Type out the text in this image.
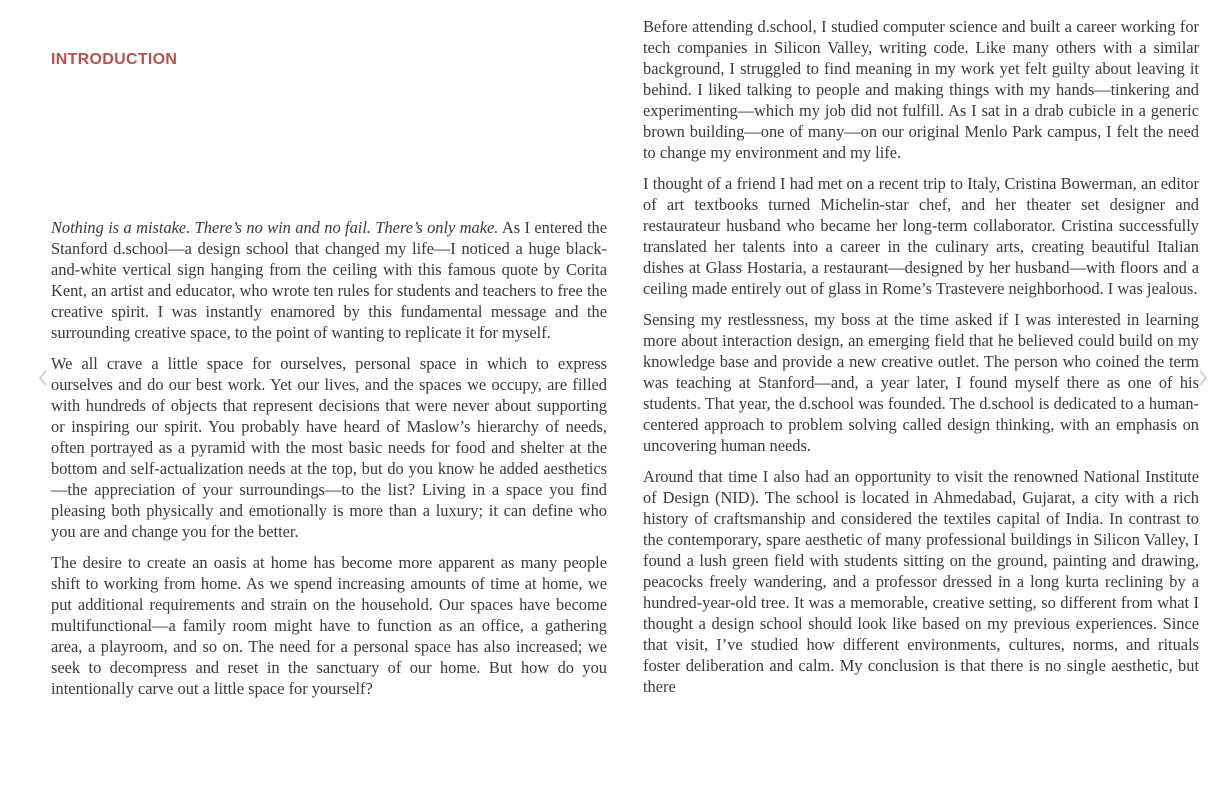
INTRODUCTION

Nothing is a mistake. There’s no win and no fail. There’s only make. As I entered the Stanford d.school—a design school that changed my life—I noticed a huge black-and-white vertical sign hanging from the ceiling with this famous quote by Corita Kent, an artist and educator, who wrote ten rules for students and teachers to free the creative spirit. I was instantly enamored by this fundamental message and the surrounding creative space, to the point of wanting to replicate it for myself.

We all crave a little space for ourselves, personal space in which to express ourselves and do our best work. Yet our lives, and the spaces we occupy, are filled with hundreds of objects that represent decisions that were never about supporting or inspiring our spirit. You probably have heard of Maslow’s hierarchy of needs, often portrayed as a pyramid with the most basic needs for food and shelter at the bottom and self-actualization needs at the top, but do you know he added aesthetics—the appreciation of your surroundings—to the list? Living in a space you find pleasing both physically and emotionally is more than a luxury; it can define who you are and change you for the better.

The desire to create an oasis at home has become more apparent as many people shift to working from home. As we spend increasing amounts of time at home, we put additional requirements and strain on the household. Our spaces have become multifunctional—a family room might have to function as an office, a gathering area, a playroom, and so on. The need for a personal space has also increased; we seek to decompress and reset in the sanctuary of our home. But how do you intentionally carve out a little space for yourself?

Before attending d.school, I studied computer science and built a career working for tech companies in Silicon Valley, writing code. Like many others with a similar background, I struggled to find meaning in my work yet felt guilty about leaving it behind. I liked talking to people and making things with my hands—tinkering and experimenting—which my job did not fulfill. As I sat in a drab cubicle in a generic brown building—one of many—on our original Menlo Park campus, I felt the need to change my environment and my life.

I thought of a friend I had met on a recent trip to Italy, Cristina Bowerman, an editor of art textbooks turned Michelin-star chef, and her theater set designer and restaurateur husband who became her long-term collaborator. Cristina successfully translated her talents into a career in the culinary arts, creating beautiful Italian dishes at Glass Hostaria, a restaurant—designed by her husband—with floors and a ceiling made entirely out of glass in Rome’s Trastevere neighborhood. I was jealous.

Sensing my restlessness, my boss at the time asked if I was interested in learning more about interaction design, an emerging field that he believed could build on my knowledge base and provide a new creative outlet. The person who coined the term was teaching at Stanford—and, a year later, I found myself there as one of his students. That year, the d.school was founded. The d.school is dedicated to a human-centered approach to problem solving called design thinking, with an emphasis on uncovering human needs.

Around that time I also had an opportunity to visit the renowned National Institute of Design (NID). The school is located in Ahmedabad, Gujarat, a city with a rich history of craftsmanship and considered the textiles capital of India. In contrast to the contemporary, spare aesthetic of many professional buildings in Silicon Valley, I found a lush green field with students sitting on the ground, painting and drawing, peacocks freely wandering, and a professor dressed in a long kurta reclining by a hundred-year-old tree. It was a memorable, creative setting, so different from what I thought a design school should look like based on my previous experiences. Since that visit, I’ve studied how different environments, cultures, norms, and rituals foster deliberation and calm. My conclusion is that there is no single aesthetic, but there
